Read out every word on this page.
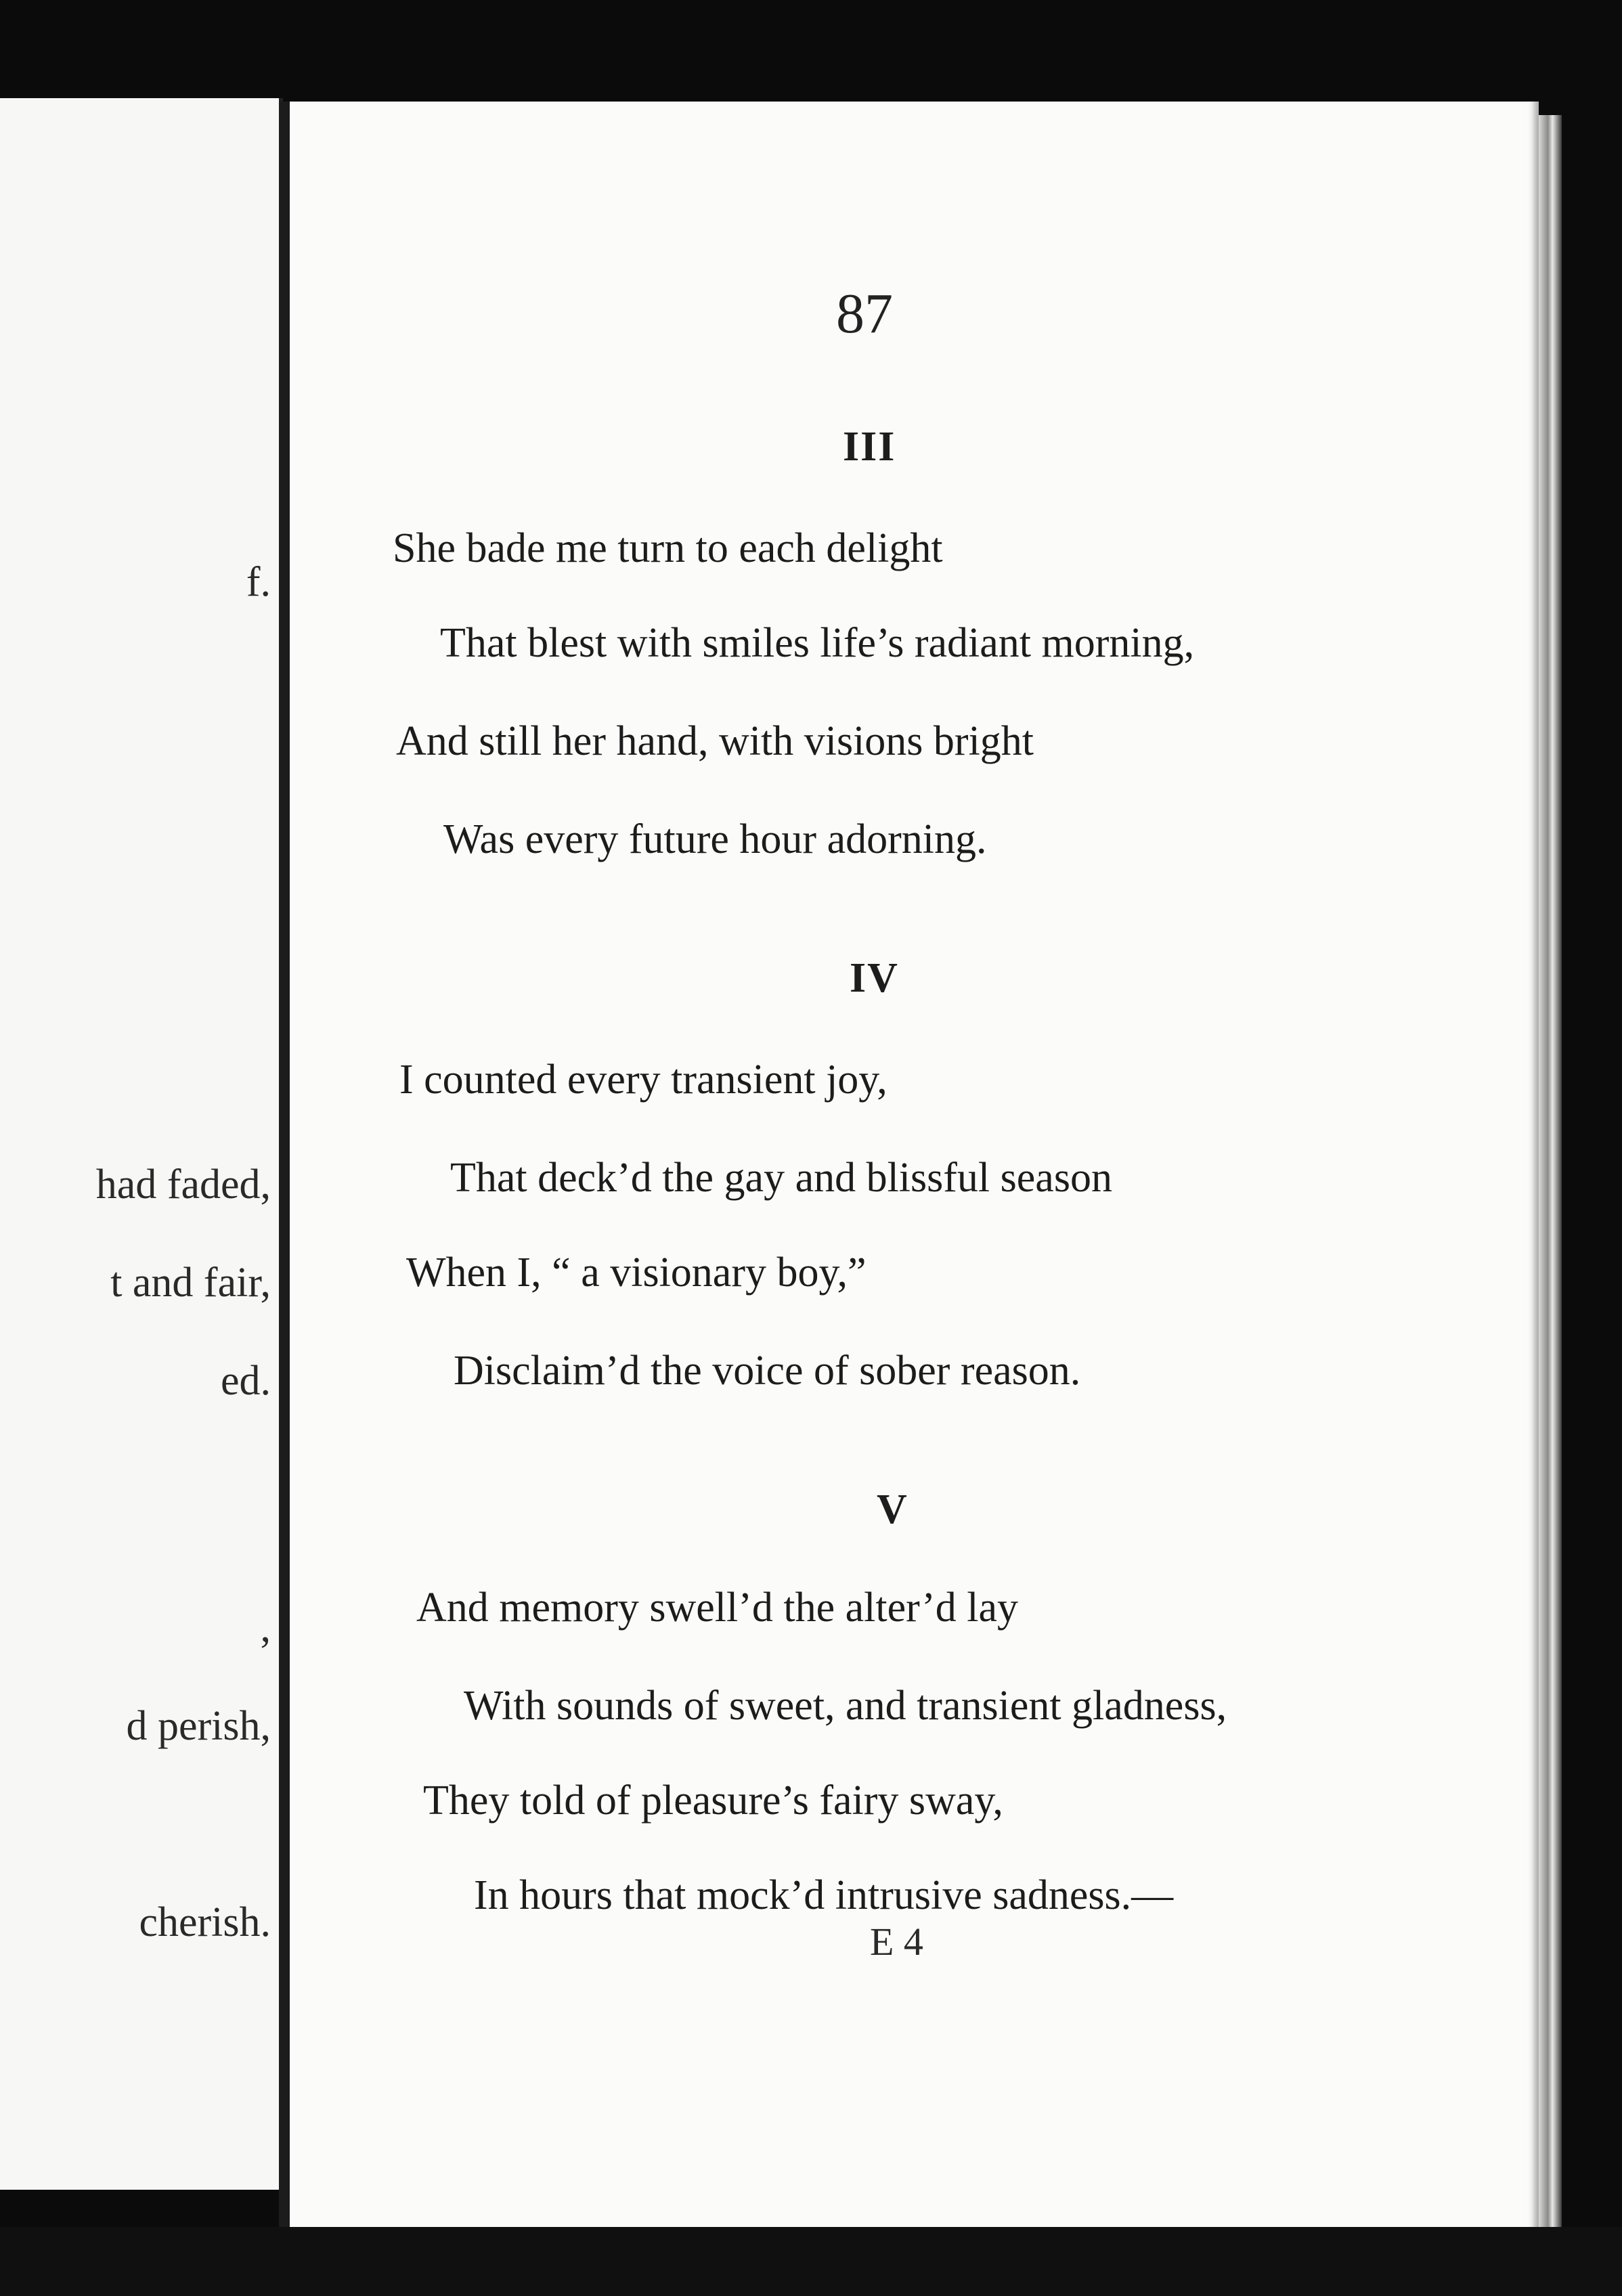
f.
had faded,
t and fair,
ed.
,
d perish,
cherish.
87
III
She bade me turn to each delight
That blest with smiles life’s radiant morning,
And still her hand, with visions bright
Was every future hour adorning.
IV
I counted every transient joy,
That deck’d the gay and blissful season
When I, “ a visionary boy,”
Disclaim’d the voice of sober reason.
V
And memory swell’d the alter’d lay
With sounds of sweet, and transient gladness,
They told of pleasure’s fairy sway,
In hours that mock’d intrusive sadness.—
E 4
